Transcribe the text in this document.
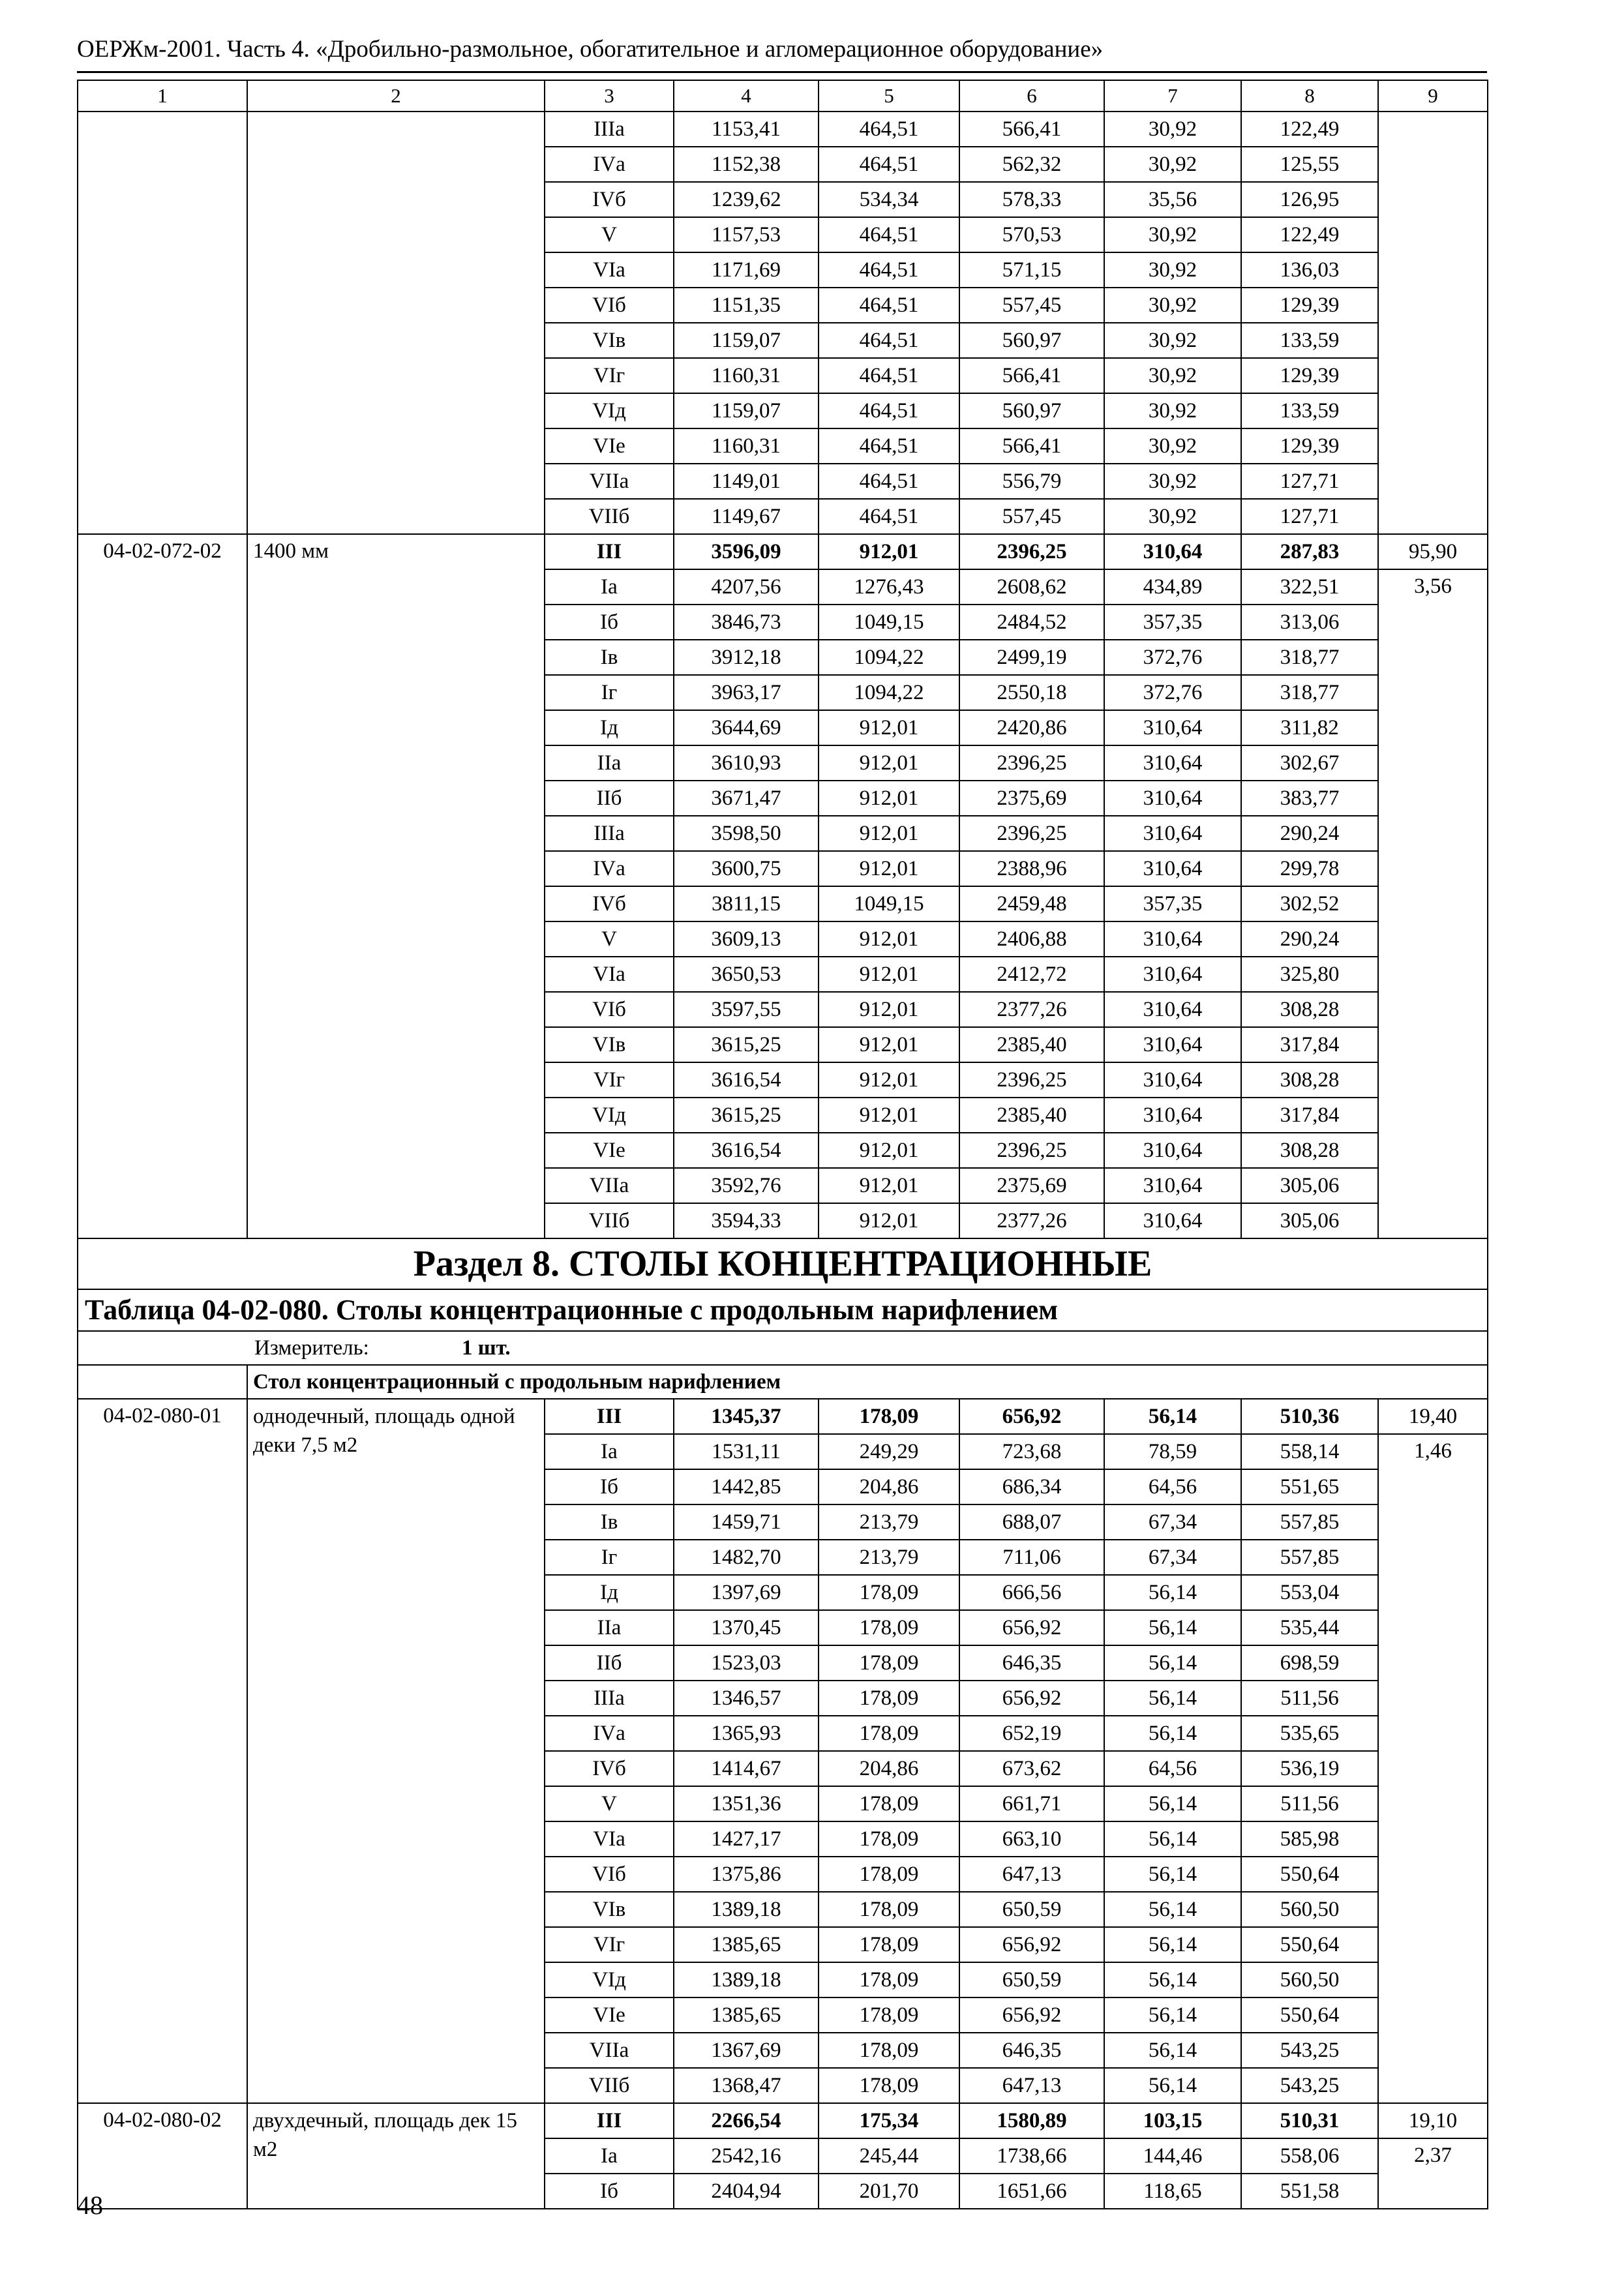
ОЕРЖм-2001. Часть 4. «Дробильно-размольное, обогатительное и агломерационное оборудование»
1	2	3	4	5	6	7	8	9
		IIIа	1153,41	464,51	566,41	30,92	122,49	
		IVа	1152,38	464,51	562,32	30,92	125,55	
		IVб	1239,62	534,34	578,33	35,56	126,95	
		V	1157,53	464,51	570,53	30,92	122,49	
		VIа	1171,69	464,51	571,15	30,92	136,03	
		VIб	1151,35	464,51	557,45	30,92	129,39	
		VIв	1159,07	464,51	560,97	30,92	133,59	
		VIг	1160,31	464,51	566,41	30,92	129,39	
		VIд	1159,07	464,51	560,97	30,92	133,59	
		VIе	1160,31	464,51	566,41	30,92	129,39	
		VIIа	1149,01	464,51	556,79	30,92	127,71	
		VIIб	1149,67	464,51	557,45	30,92	127,71	
04-02-072-02	1400 мм	III	3596,09	912,01	2396,25	310,64	287,83	95,90
		Iа	4207,56	1276,43	2608,62	434,89	322,51	3,56
		Iб	3846,73	1049,15	2484,52	357,35	313,06	
		Iв	3912,18	1094,22	2499,19	372,76	318,77	
		Iг	3963,17	1094,22	2550,18	372,76	318,77	
		Iд	3644,69	912,01	2420,86	310,64	311,82	
		IIа	3610,93	912,01	2396,25	310,64	302,67	
		IIб	3671,47	912,01	2375,69	310,64	383,77	
		IIIа	3598,50	912,01	2396,25	310,64	290,24	
		IVа	3600,75	912,01	2388,96	310,64	299,78	
		IVб	3811,15	1049,15	2459,48	357,35	302,52	
		V	3609,13	912,01	2406,88	310,64	290,24	
		VIа	3650,53	912,01	2412,72	310,64	325,80	
		VIб	3597,55	912,01	2377,26	310,64	308,28	
		VIв	3615,25	912,01	2385,40	310,64	317,84	
		VIг	3616,54	912,01	2396,25	310,64	308,28	
		VIд	3615,25	912,01	2385,40	310,64	317,84	
		VIе	3616,54	912,01	2396,25	310,64	308,28	
		VIIа	3592,76	912,01	2375,69	310,64	305,06	
		VIIб	3594,33	912,01	2377,26	310,64	305,06	
Раздел 8. СТОЛЫ КОНЦЕНТРАЦИОННЫЕ								
Таблица 04-02-080. Столы концентрационные с продольным нарифлением								
Измеритель: 1 шт.								
	Стол концентрационный с продольным нарифлением							
04-02-080-01	однодечный, площадь одной деки 7,5 м2	III	1345,37	178,09	656,92	56,14	510,36	19,40
		Iа	1531,11	249,29	723,68	78,59	558,14	1,46
		Iб	1442,85	204,86	686,34	64,56	551,65	
		Iв	1459,71	213,79	688,07	67,34	557,85	
		Iг	1482,70	213,79	711,06	67,34	557,85	
		Iд	1397,69	178,09	666,56	56,14	553,04	
		IIа	1370,45	178,09	656,92	56,14	535,44	
		IIб	1523,03	178,09	646,35	56,14	698,59	
		IIIа	1346,57	178,09	656,92	56,14	511,56	
		IVа	1365,93	178,09	652,19	56,14	535,65	
		IVб	1414,67	204,86	673,62	64,56	536,19	
		V	1351,36	178,09	661,71	56,14	511,56	
		VIа	1427,17	178,09	663,10	56,14	585,98	
		VIб	1375,86	178,09	647,13	56,14	550,64	
		VIв	1389,18	178,09	650,59	56,14	560,50	
		VIг	1385,65	178,09	656,92	56,14	550,64	
		VIд	1389,18	178,09	650,59	56,14	560,50	
		VIе	1385,65	178,09	656,92	56,14	550,64	
		VIIа	1367,69	178,09	646,35	56,14	543,25	
		VIIб	1368,47	178,09	647,13	56,14	543,25	
04-02-080-02	двухдечный, площадь дек 15 м2	III	2266,54	175,34	1580,89	103,15	510,31	19,10
		Iа	2542,16	245,44	1738,66	144,46	558,06	2,37
		Iб	2404,94	201,70	1651,66	118,65	551,58	
48
